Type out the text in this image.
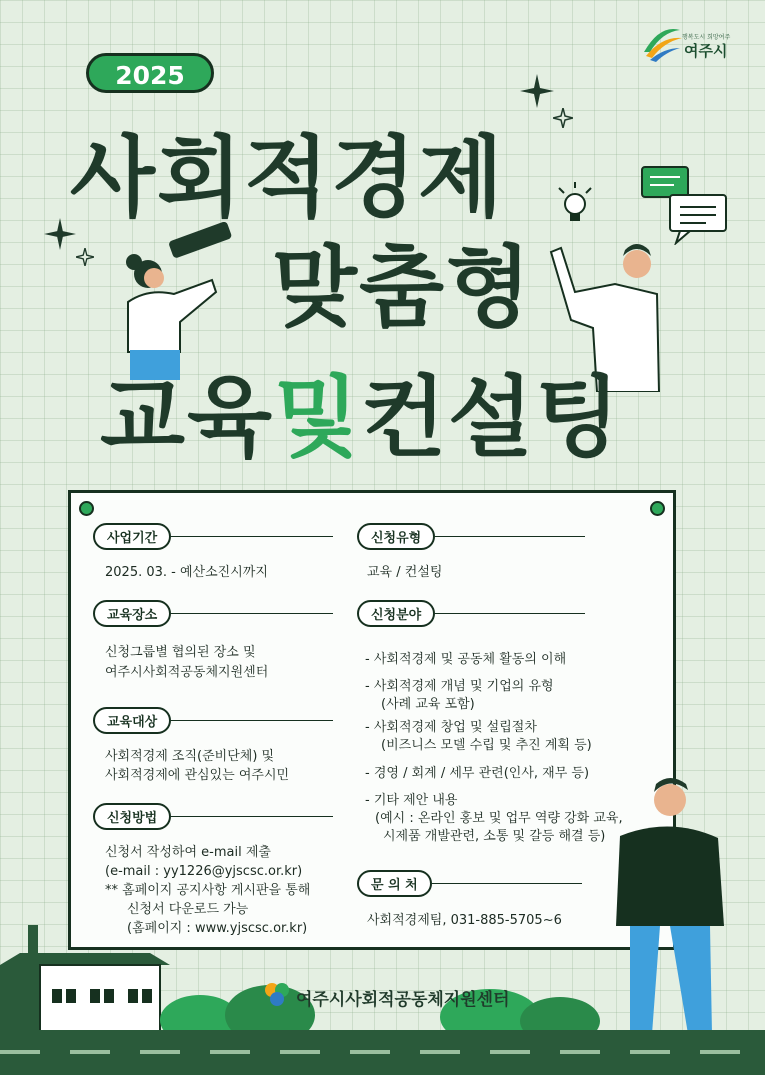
2025
행복도시 희망여주
여주시
사회적경제
맞춤형
교육및컨설팅
사업기간
2025. 03. - 예산소진시까지
교육장소
신청그룹별 협의된 장소 및
여주시사회적공동체지원센터
교육대상
사회적경제 조직(준비단체) 및
사회적경제에 관심있는 여주시민
신청방법
신청서 작성하여 e-mail 제출
(e-mail : yy1226@yjscsc.or.kr)
** 홈페이지 공지사항 게시판을 통해
신청서 다운로드 가능
(홈페이지 : www.yjscsc.or.kr)
신청유형
교육 / 컨설팅
신청분야
- 사회적경제 및 공동체 활동의 이해
- 사회적경제 개념 및 기업의 유형
(사례 교육 포함)
- 사회적경제 창업 및 설립절차
(비즈니스 모델 수립 및 추진 계획 등)
- 경영 / 회계 / 세무 관련(인사, 재무 등)
- 기타 제안 내용
(예시 : 온라인 홍보 및 업무 역량 강화 교육,
시제품 개발관련, 소통 및 갈등 해결 등)
문 의 처
사회적경제팀, 031-885-5705~6
여주시사회적공동체지원센터
